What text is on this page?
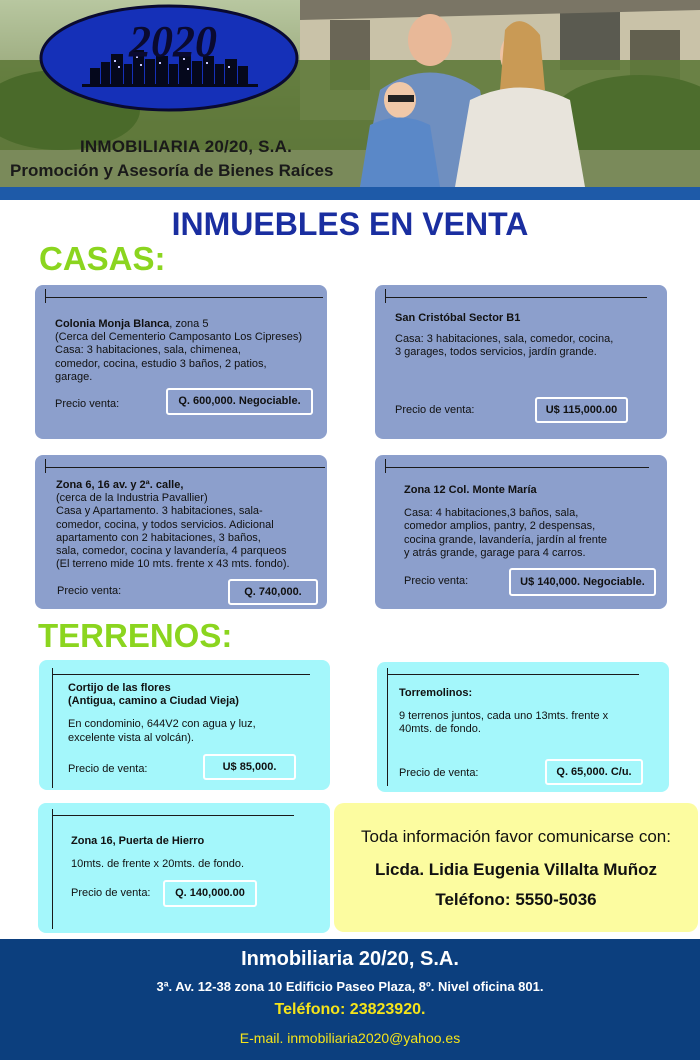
2020
INMOBILIARIA 20/20, S.A.
Promoción y Asesoría de Bienes Raíces
INMUEBLES EN VENTA
CASAS:
Colonia Monja Blanca, zona 5
(Cerca del Cementerio Camposanto Los Cipreses)
Casa: 3 habitaciones, sala, chimenea,
comedor, cocina, estudio 3 baños, 2 patios,
garage.
Precio venta:	Q. 600,000. Negociable.
San Cristóbal Sector B1
Casa: 3 habitaciones, sala, comedor, cocina,
3 garages, todos servicios, jardín grande.
Precio de venta:	U$ 115,000.00
Zona 6, 16 av. y 2ª. calle,
(cerca de la Industria Pavallier)
Casa y Apartamento. 3 habitaciones, sala-
comedor, cocina, y todos servicios. Adicional
apartamento con 2 habitaciones, 3 baños,
sala, comedor, cocina y lavandería, 4 parqueos
(El terreno mide 10 mts. frente x 43 mts. fondo).
Precio venta:	Q. 740,000.
Zona 12 Col. Monte María
Casa: 4 habitaciones,3 baños, sala,
comedor amplios, pantry, 2 despensas,
cocina grande, lavandería, jardín al frente
y atrás grande, garage para 4 carros.
Precio venta:	U$ 140,000. Negociable.
TERRENOS:
Cortijo de las flores
(Antigua, camino a Ciudad Vieja)
En condominio, 644V2 con agua y luz,
excelente vista al volcán).
Precio de venta:	U$ 85,000.
Torremolinos:
9 terrenos juntos, cada uno 13mts. frente x
40mts. de fondo.
Precio de venta:	Q. 65,000. C/u.
Zona 16, Puerta de Hierro
10mts. de frente x 20mts. de fondo.
Precio de venta:	Q. 140,000.00
Toda información favor comunicarse con:
Licda. Lidia Eugenia Villalta Muñoz
Teléfono: 5550-5036
Inmobiliaria 20/20, S.A.
3ª. Av. 12-38 zona 10 Edificio Paseo Plaza, 8º. Nivel oficina 801.
Teléfono: 23823920.
E-mail. inmobiliaria2020@yahoo.es
